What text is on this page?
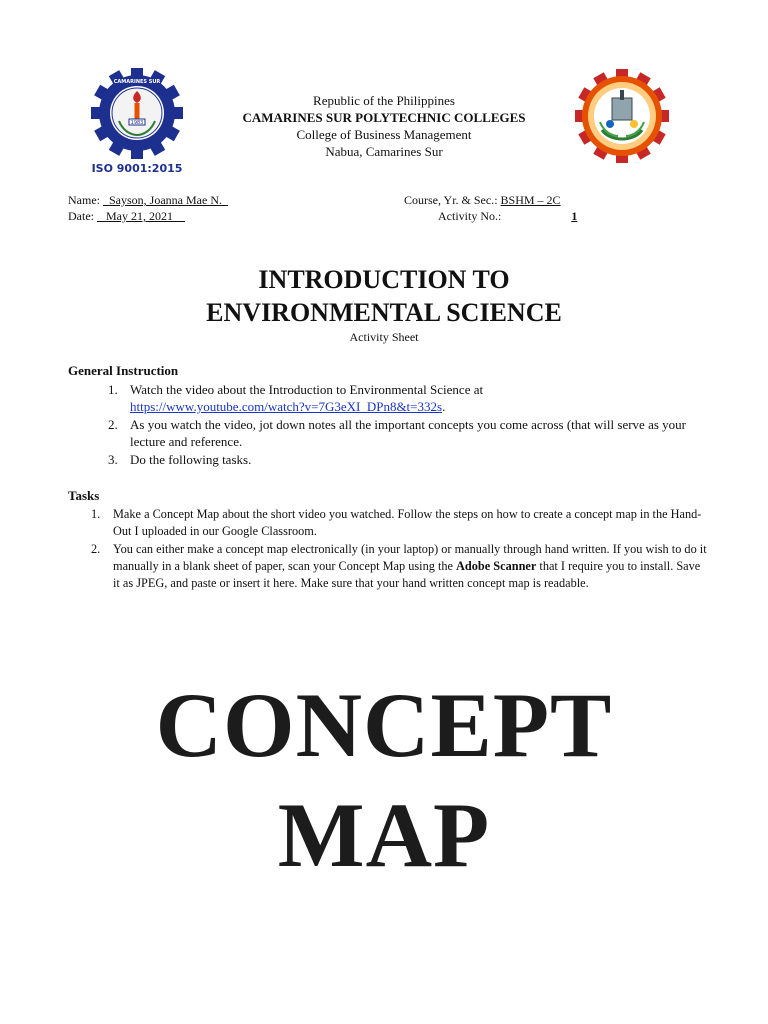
1983
CAMARINES SUR
ISO 9001:2015
Republic of the Philippines
CAMARINES SUR POLYTECHNIC COLLEGES
College of Business Management
Nabua, Camarines Sur
Name: Sayson, Joanna Mae N.
Date: May 21, 2021
Course, Yr. & Sec.: BSHM – 2C
Activity No.:	1
INTRODUCTION TO
ENVIRONMENTAL SCIENCE
Activity Sheet
General Instruction
1. Watch the video about the Introduction to Environmental Science at
https://www.youtube.com/watch?v=7G3eXI_DPn8&t=332s.
2. As you watch the video, jot down notes all the important concepts you come across (that will serve as your lecture and reference.
3. Do the following tasks.
Tasks
1. Make a Concept Map about the short video you watched. Follow the steps on how to create a concept map in the Hand-Out I uploaded in our Google Classroom.
2. You can either make a concept map electronically (in your laptop) or manually through hand written. If you wish to do it manually in a blank sheet of paper, scan your Concept Map using the Adobe Scanner that I require you to install. Save it as JPEG, and paste or insert it here. Make sure that your hand written concept map is readable.
CONCEPT
MAP
